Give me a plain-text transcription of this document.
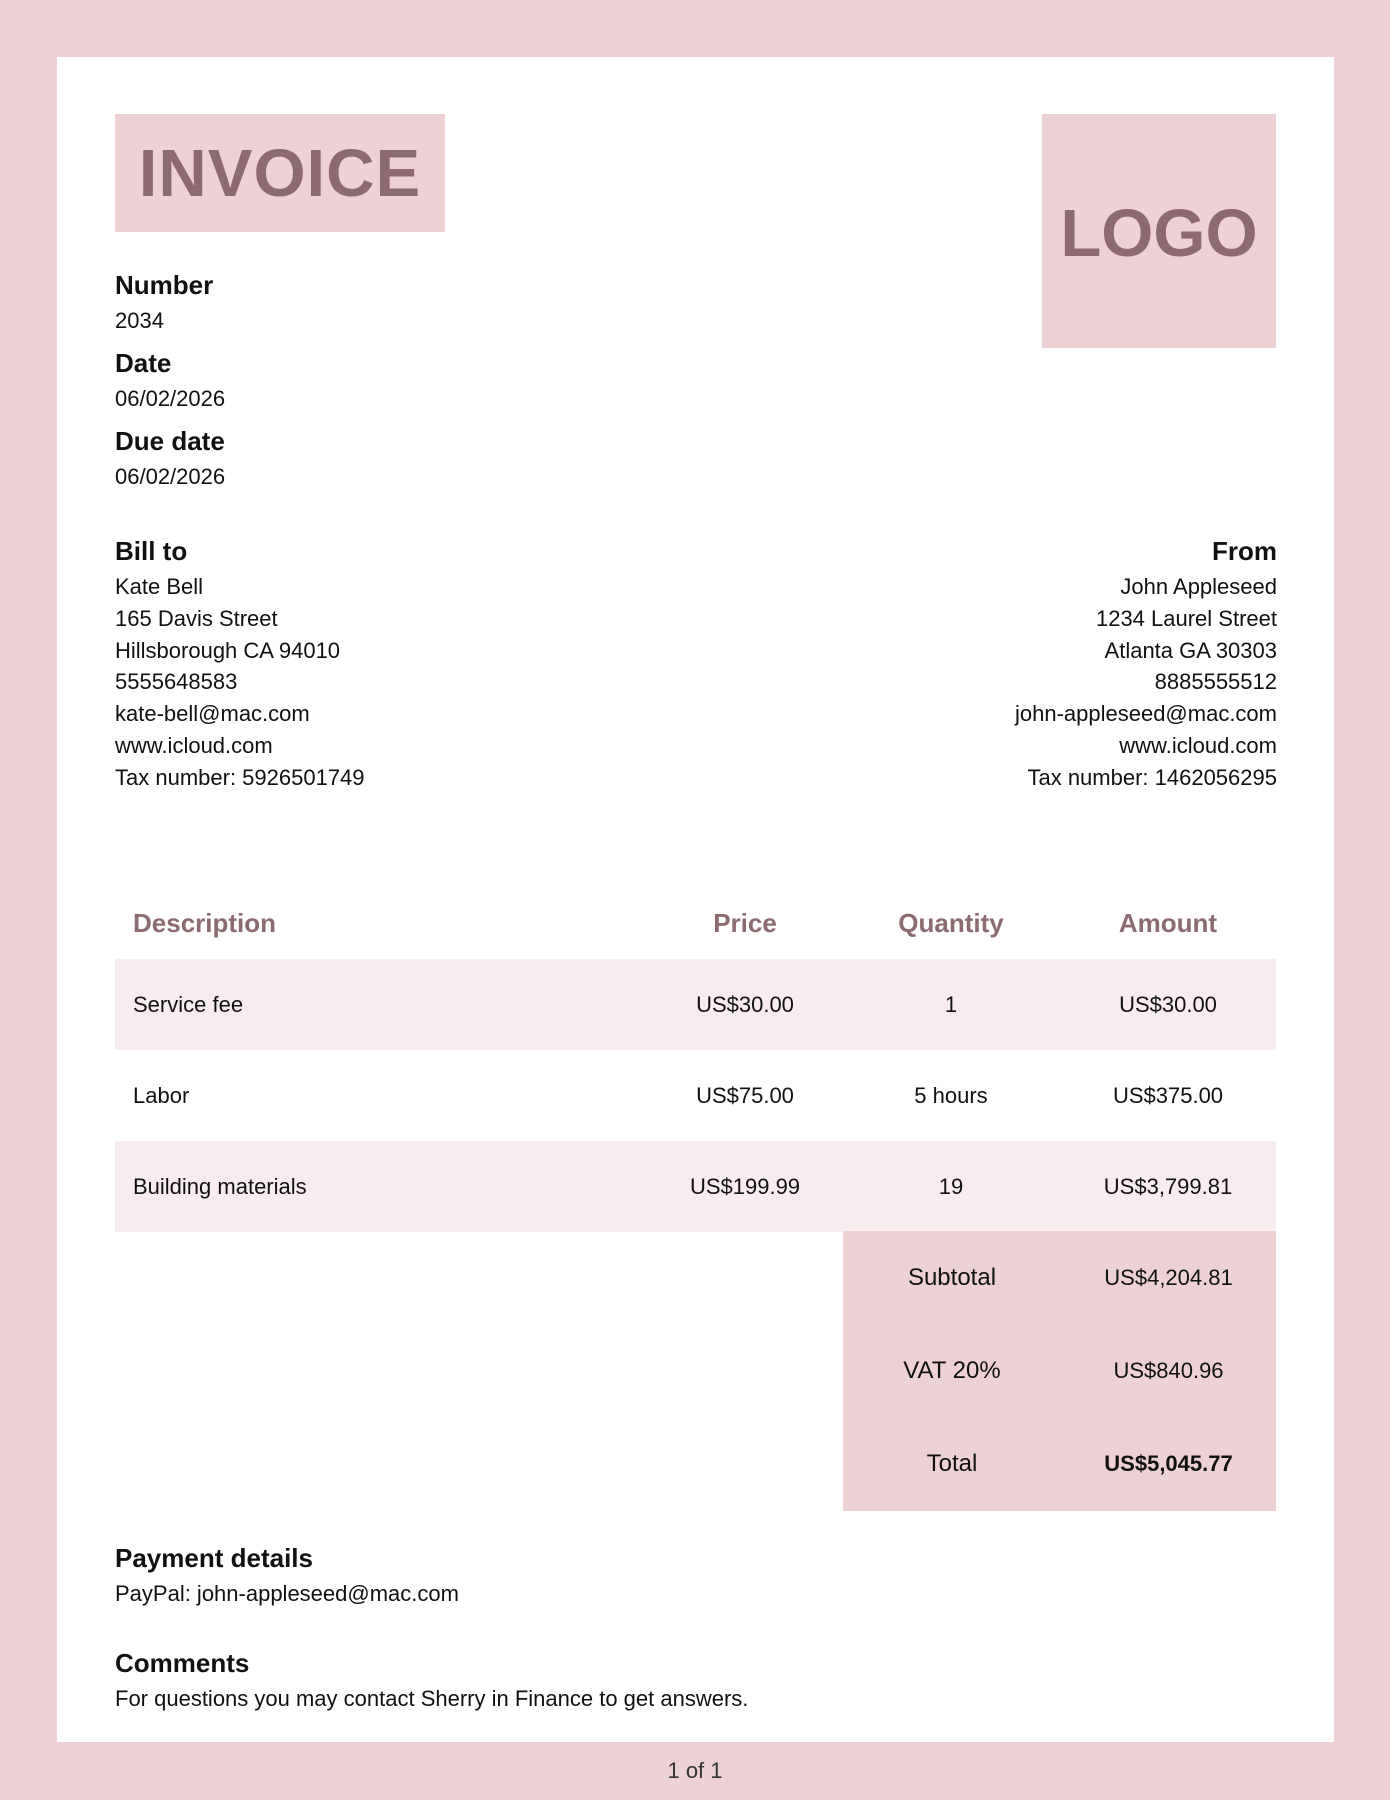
INVOICE
LOGO
Number
2034
Date
06/02/2026
Due date
06/02/2026
Bill to
Kate Bell
165 Davis Street
Hillsborough CA 94010
5555648583
kate-bell@mac.com
www.icloud.com
Tax number: 5926501749
From
John Appleseed
1234 Laurel Street
Atlanta GA 30303
8885555512
john-appleseed@mac.com
www.icloud.com
Tax number: 1462056295
Description	Price	Quantity	Amount
Service fee	US$30.00	1	US$30.00
Labor	US$75.00	5 hours	US$375.00
Building materials	US$199.99	19	US$3,799.81
Subtotal	US$4,204.81
VAT 20%	US$840.96
Total	US$5,045.77
Payment details
PayPal: john-appleseed@mac.com
Comments
For questions you may contact Sherry in Finance to get answers.
1 of 1
